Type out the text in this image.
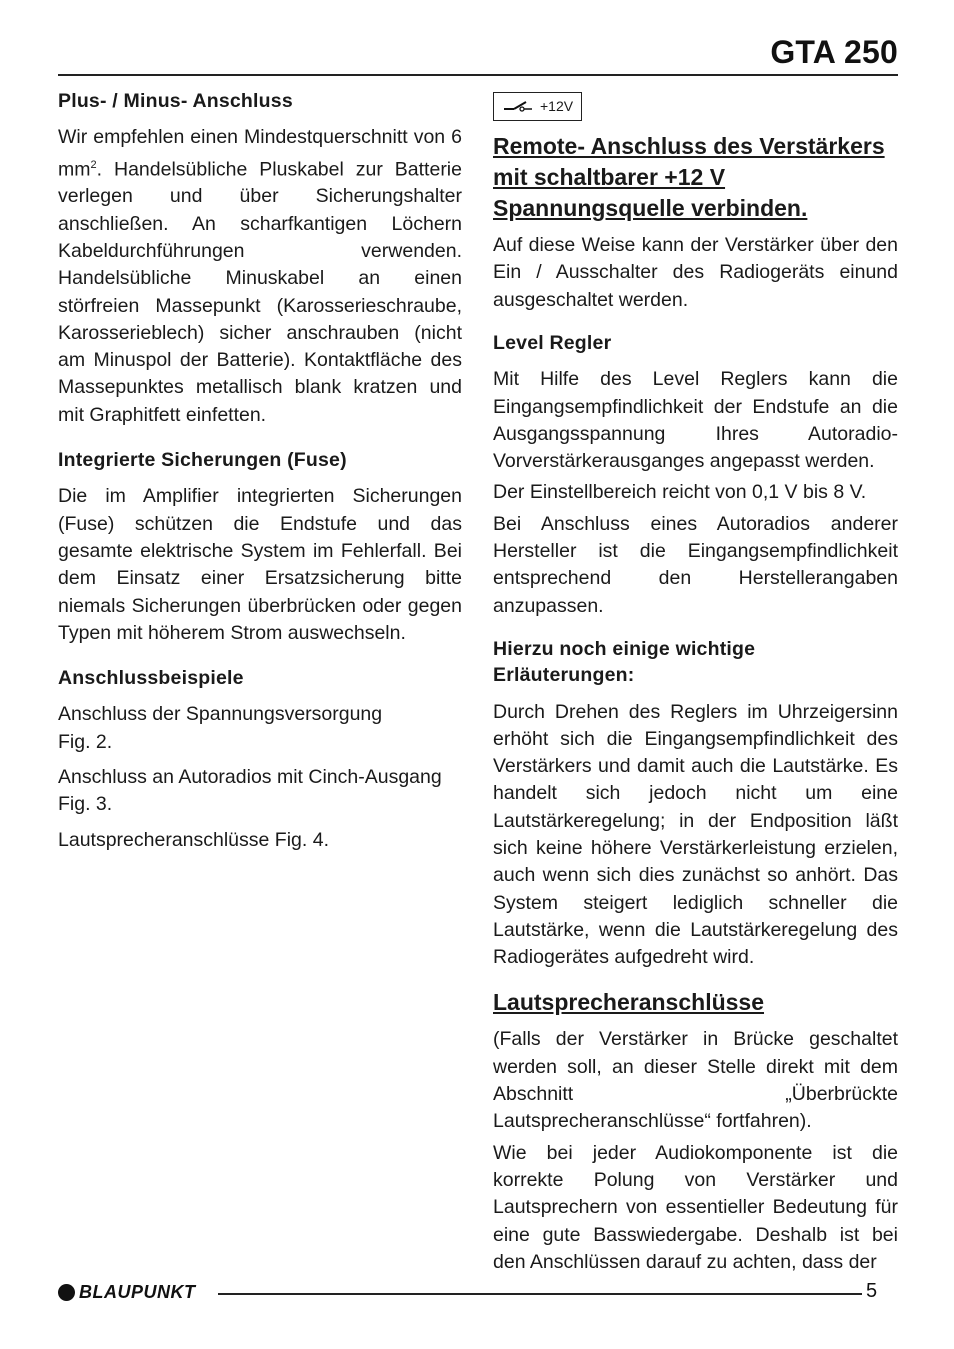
GTA 250
Plus- / Minus- Anschluss

Wir empfehlen einen Mindestquerschnitt von 6 $mm^2$. Handelsübliche Pluskabel zur Batterie verlegen und über Sicherungshalter anschließen. An scharfkantigen Löchern Kabeldurchführungen verwenden. Handelsübliche Minuskabel an einen störfreien Massepunkt (Karosserieschraube, Karosserieblech) sicher anschrauben (nicht am Minuspol der Batterie). Kontaktfläche des Massepunktes metallisch blank kratzen und mit Graphitfett einfetten.

Integrierte Sicherungen (Fuse)

Die im Amplifier integrierten Sicherungen (Fuse) schützen die Endstufe und das gesamte elektrische System im Fehlerfall. Bei dem Einsatz einer Ersatzsicherung bitte niemals Sicherungen überbrücken oder gegen Typen mit höherem Strom auswechseln.

Anschlussbeispiele
Anschluss der Spannungsversorgung
Fig. 2.
Anschluss an Autoradios mit Cinch-Ausgang
Fig. 3.
Lautsprecheranschlüsse Fig. 4.
+12V
Remote- Anschluss des Verstärkers mit schaltbarer +12 V Spannungsquelle verbinden.

Auf diese Weise kann der Verstärker über den Ein / Ausschalter des Radiogeräts einund ausgeschaltet werden.

Level Regler

Mit Hilfe des Level Reglers kann die Eingangsempfindlichkeit der Endstufe an die Ausgangsspannung Ihres Autoradio- Vorverstärkerausganges angepasst werden.

Der Einstellbereich reicht von 0,1 V bis 8 V.

Bei Anschluss eines Autoradios anderer Hersteller ist die Eingangsempfindlichkeit entsprechend den Herstellerangaben anzupassen.

Hierzu noch einige wichtige Erläuterungen:

Durch Drehen des Reglers im Uhrzeigersinn erhöht sich die Eingangsempfindlichkeit des Verstärkers und damit auch die Lautstärke. Es handelt sich jedoch nicht um eine Lautstärkeregelung; in der Endposition läßt sich keine höhere Verstärkerleistung erzielen, auch wenn sich dies zunächst so anhört. Das System steigert lediglich schneller die Lautstärke, wenn die Lautstärkeregelung des Radiogerätes aufgedreht wird.

Lautsprecheranschlüsse

(Falls der Verstärker in Brücke geschaltet werden soll, an dieser Stelle direkt mit dem Abschnitt „Überbrückte Lautsprecheranschlüsse“ fortfahren).

Wie bei jeder Audiokomponente ist die korrekte Polung von Verstärker und Lautsprechern von essentieller Bedeutung für eine gute Basswiedergabe. Deshalb ist bei den Anschlüssen darauf zu achten, dass der

BLAUPUNKT	5
